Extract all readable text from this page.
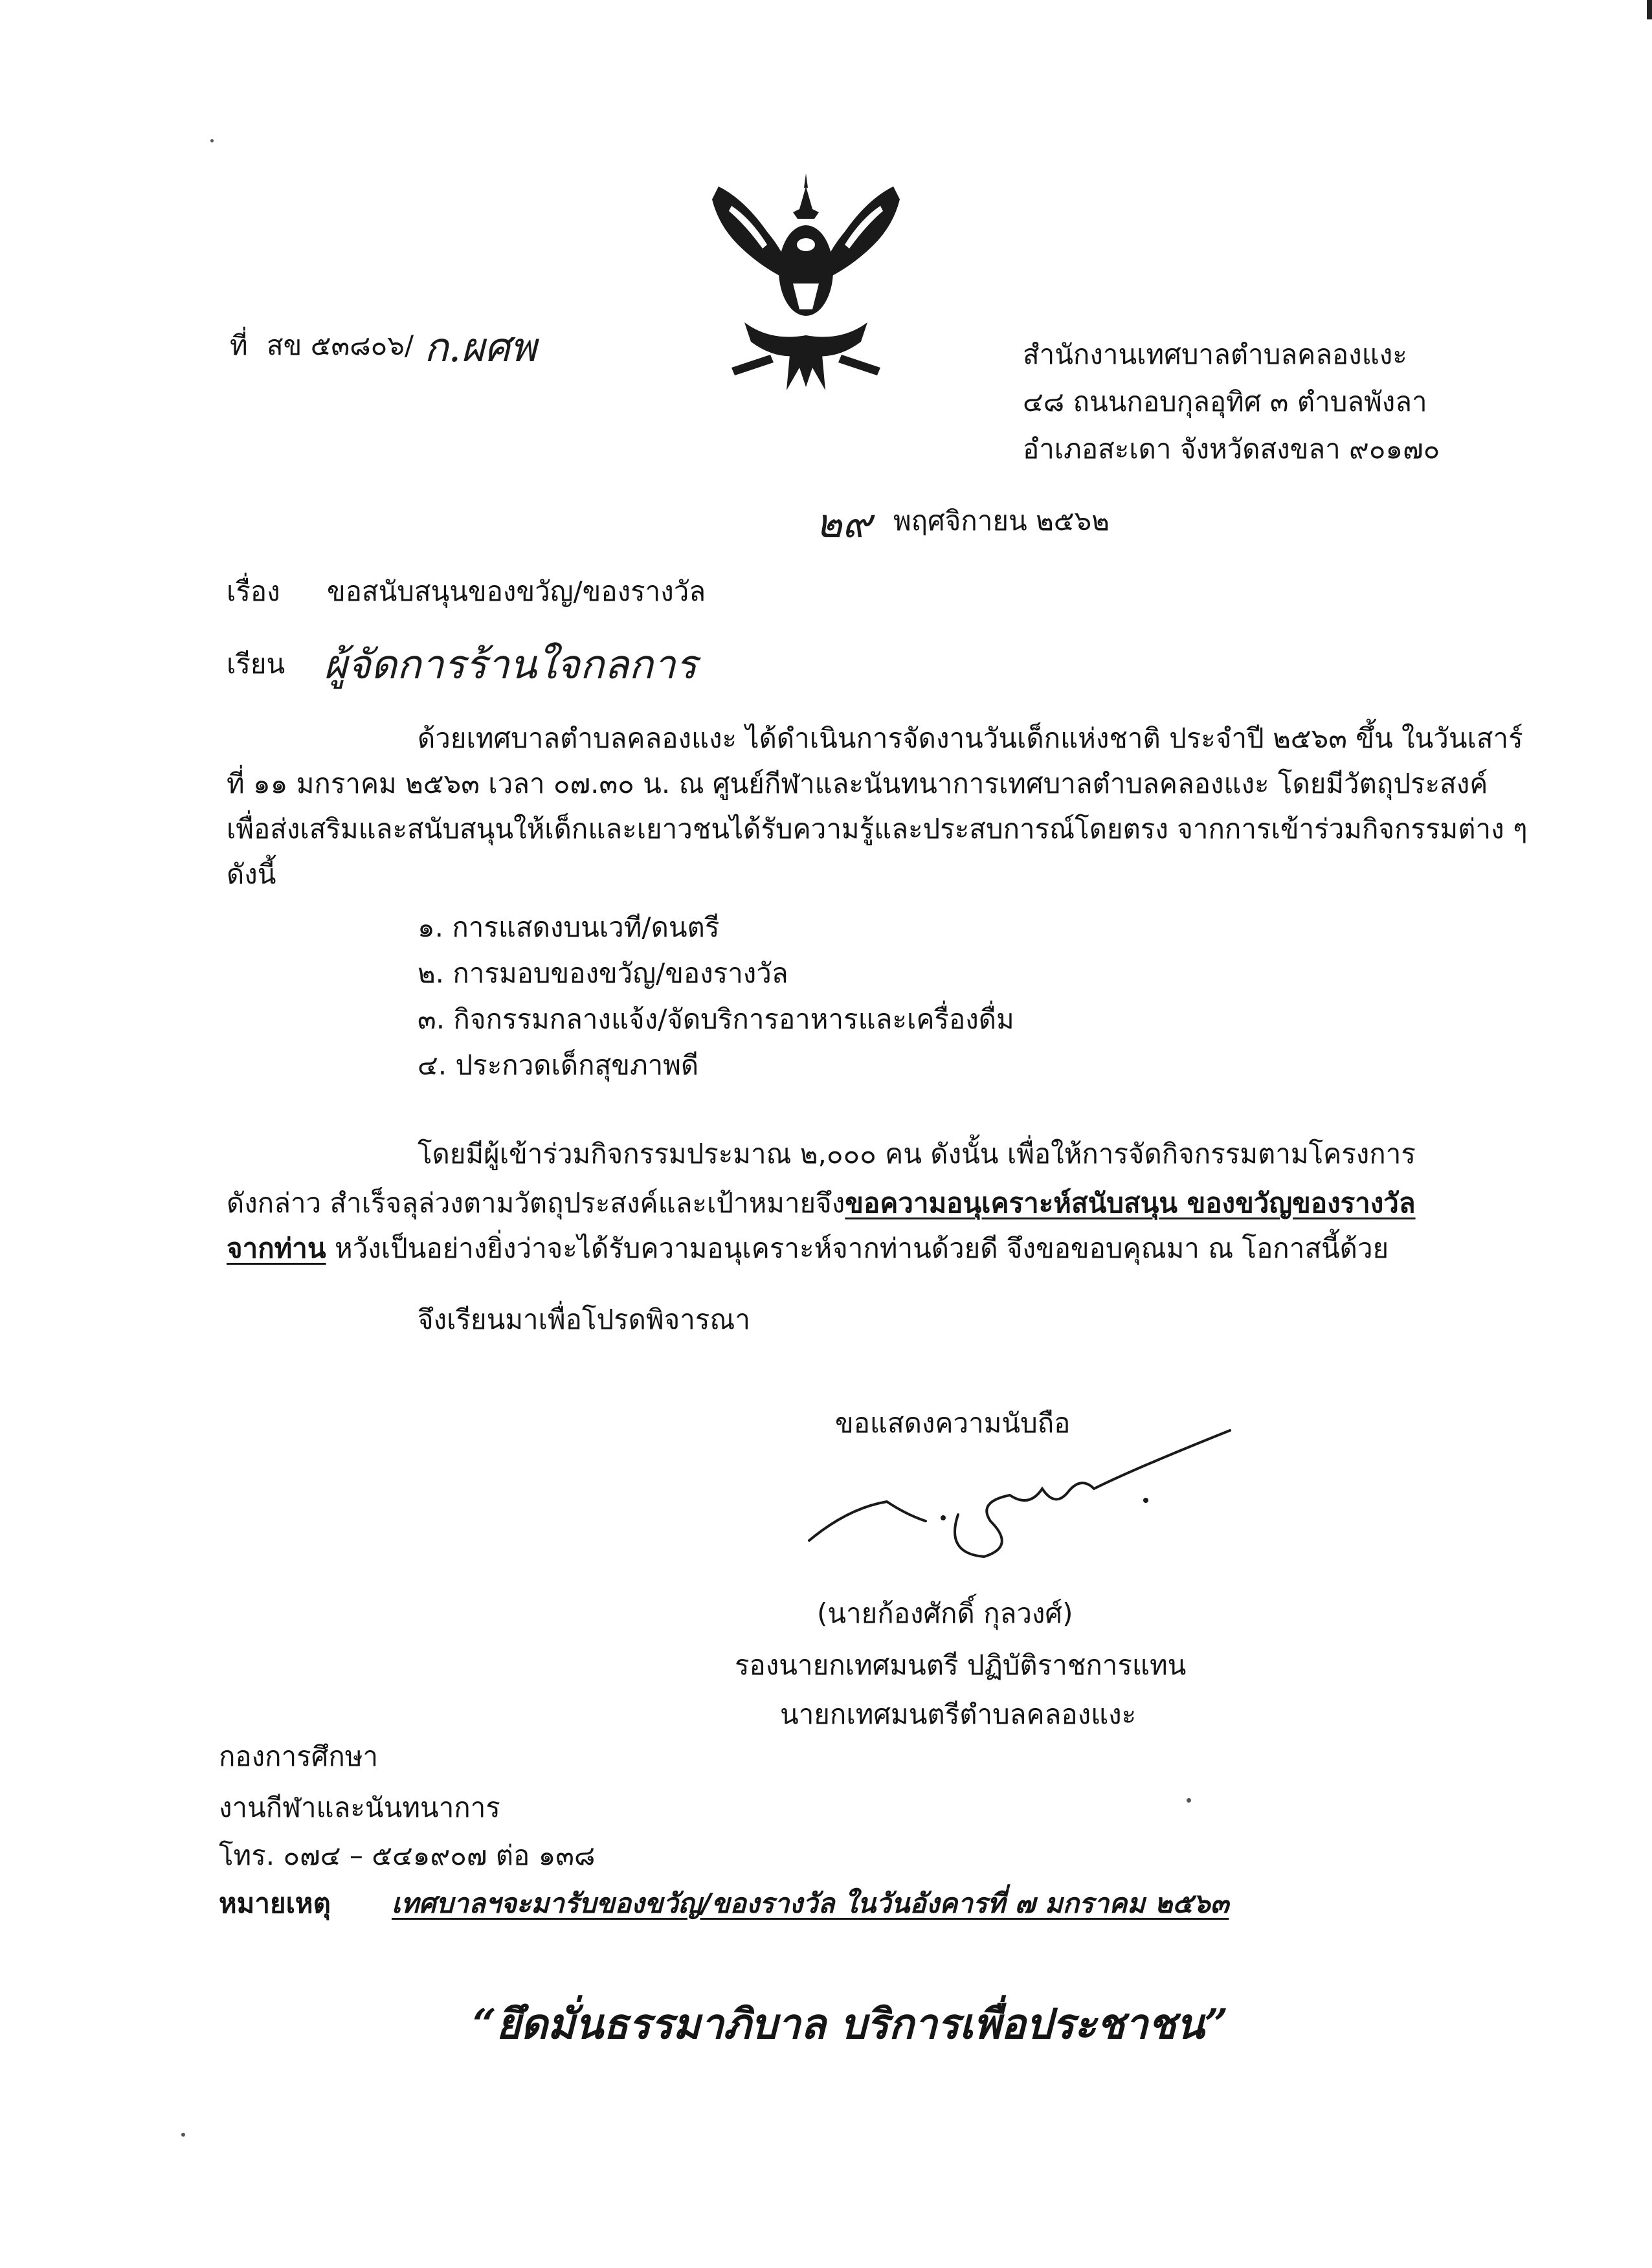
ที่ สข ๕๓๘๐๖/ ก.ผศพ	สำนักงานเทศบาลตำบลคลองแงะ
๔๘ ถนนกอบกุลอุทิศ ๓ ตำบลพังลา
อำเภอสะเดา จังหวัดสงขลา ๙๐๑๗๐
๒๙ พฤศจิกายน ๒๕๖๒
เรื่อง ขอสนับสนุนของขวัญ/ของรางวัล
เรียน ผู้จัดการร้านใจกลการ
ด้วยเทศบาลตำบลคลองแงะ ได้ดำเนินการจัดงานวันเด็กแห่งชาติ ประจำปี ๒๕๖๓ ขึ้น ในวันเสาร์
ที่ ๑๑ มกราคม ๒๕๖๓ เวลา ๐๗.๓๐ น. ณ ศูนย์กีฬาและนันทนาการเทศบาลตำบลคลองแงะ โดยมีวัตถุประสงค์
เพื่อส่งเสริมและสนับสนุนให้เด็กและเยาวชนได้รับความรู้และประสบการณ์โดยตรง จากการเข้าร่วมกิจกรรมต่าง ๆ
ดังนี้
๑. การแสดงบนเวที/ดนตรี
๒. การมอบของขวัญ/ของรางวัล
๓. กิจกรรมกลางแจ้ง/จัดบริการอาหารและเครื่องดื่ม
๔. ประกวดเด็กสุขภาพดี
โดยมีผู้เข้าร่วมกิจกรรมประมาณ ๒,๐๐๐ คน ดังนั้น เพื่อให้การจัดกิจกรรมตามโครงการ
ดังกล่าว สำเร็จลุล่วงตามวัตถุประสงค์และเป้าหมายจึงขอความอนุเคราะห์สนับสนุน ของขวัญของรางวัล
จากท่าน หวังเป็นอย่างยิ่งว่าจะได้รับความอนุเคราะห์จากท่านด้วยดี จึงขอขอบคุณมา ณ โอกาสนี้ด้วย
จึงเรียนมาเพื่อโปรดพิจารณา
ขอแสดงความนับถือ
(นายก้องศักดิ์ กุลวงศ์)
รองนายกเทศมนตรี ปฏิบัติราชการแทน
นายกเทศมนตรีตำบลคลองแงะ
กองการศึกษา
งานกีฬาและนันทนาการ
โทร. ๐๗๔ – ๕๔๑๙๐๗ ต่อ ๑๓๘
หมายเหตุ เทศบาลฯจะมารับของขวัญ/ของรางวัล ในวันอังคารที่ ๗ มกราคม ๒๕๖๓
“ยึดมั่นธรรมาภิบาล บริการเพื่อประชาชน”
